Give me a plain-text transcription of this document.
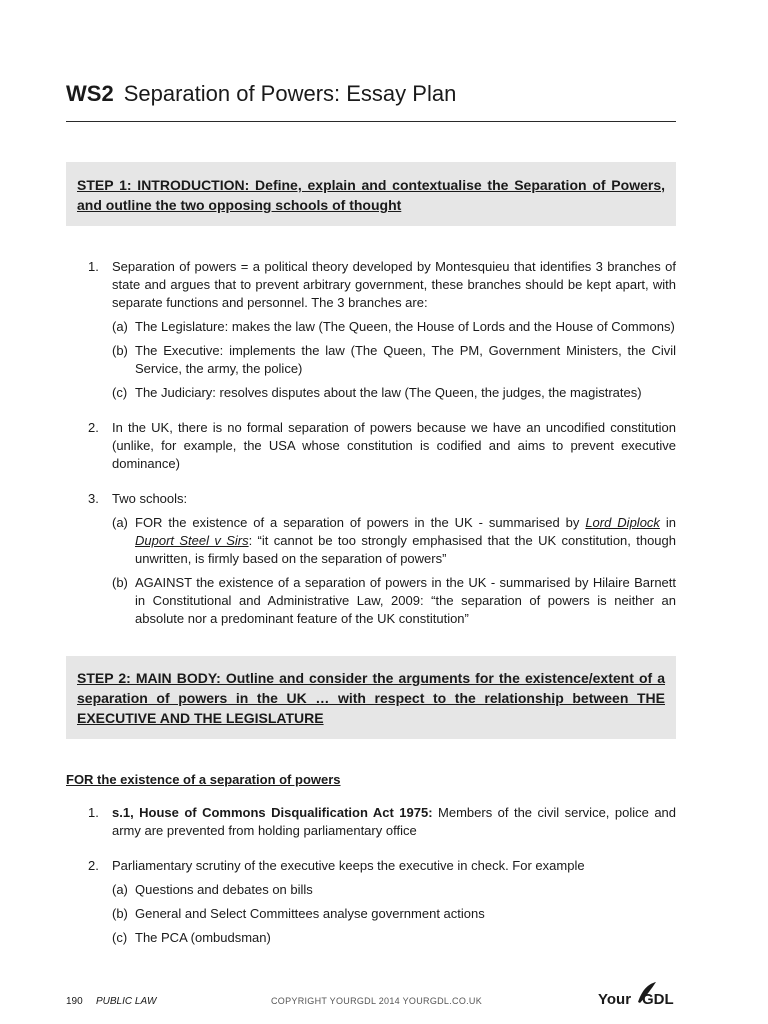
WS2 Separation of Powers: Essay Plan
STEP 1: INTRODUCTION: Define, explain and contextualise the Separation of Powers, and outline the two opposing schools of thought
1. Separation of powers = a political theory developed by Montesquieu that identifies 3 branches of state and argues that to prevent arbitrary government, these branches should be kept apart, with separate functions and personnel. The 3 branches are:
(a) The Legislature: makes the law (The Queen, the House of Lords and the House of Commons)
(b) The Executive: implements the law (The Queen, The PM, Government Ministers, the Civil Service, the army, the police)
(c) The Judiciary: resolves disputes about the law (The Queen, the judges, the magistrates)
2. In the UK, there is no formal separation of powers because we have an uncodified constitution (unlike, for example, the USA whose constitution is codified and aims to prevent executive dominance)
3. Two schools:
(a) FOR the existence of a separation of powers in the UK - summarised by Lord Diplock in Duport Steel v Sirs: “it cannot be too strongly emphasised that the UK constitution, though unwritten, is firmly based on the separation of powers”
(b) AGAINST the existence of a separation of powers in the UK - summarised by Hilaire Barnett in Constitutional and Administrative Law, 2009: “the separation of powers is neither an absolute nor a predominant feature of the UK constitution”
STEP 2: MAIN BODY: Outline and consider the arguments for the existence/extent of a separation of powers in the UK … with respect to the relationship between THE EXECUTIVE AND THE LEGISLATURE
FOR the existence of a separation of powers
1. s.1, House of Commons Disqualification Act 1975: Members of the civil service, police and army are prevented from holding parliamentary office
2. Parliamentary scrutiny of the executive keeps the executive in check. For example
(a) Questions and debates on bills
(b) General and Select Committees analyse government actions
(c) The PCA (ombudsman)
190 PUBLIC LAW	COPYRIGHT YOURGDL 2014 YOURGDL.CO.UK	Your GDL
